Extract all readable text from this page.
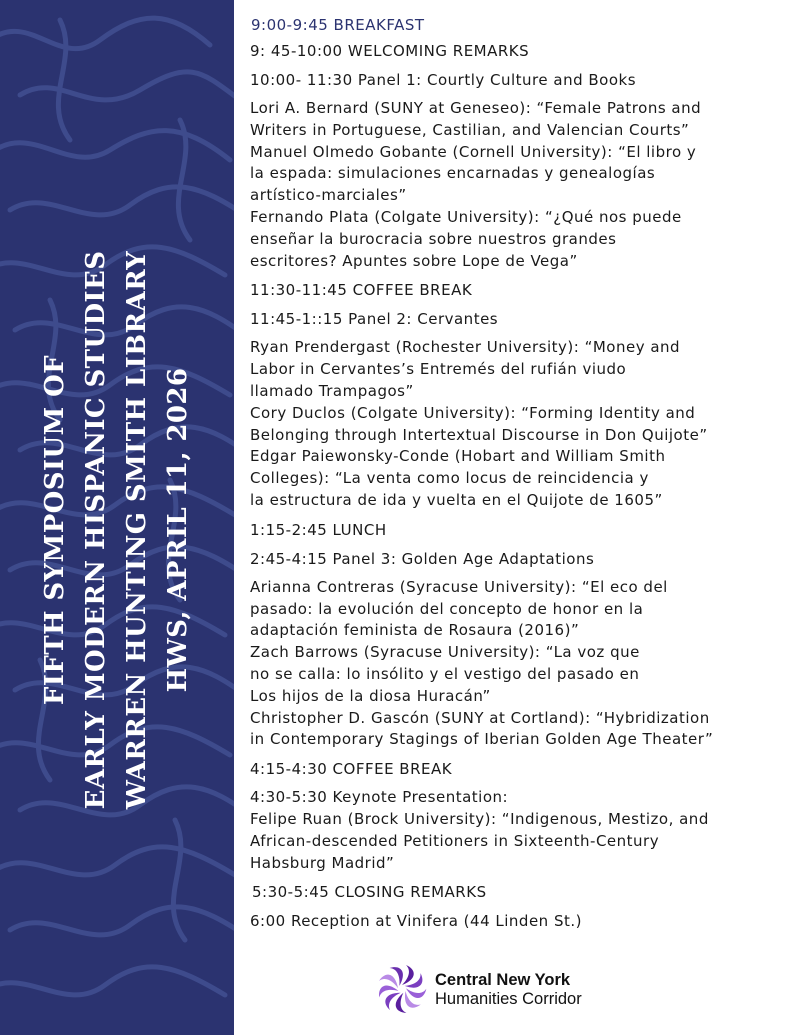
FIFTH SYMPOSIUM OF EARLY MODERN HISPANIC STUDIES WARREN HUNTING SMITH LIBRARY HWS, APRIL 11, 2026
9:00-9:45 BREAKFAST
9: 45-10:00 WELCOMING REMARKS
10:00- 11:30 Panel 1: Courtly Culture and Books
Lori A. Bernard (SUNY at Geneseo): “Female Patrons and
Writers in Portuguese, Castilian, and Valencian Courts”
Manuel Olmedo Gobante (Cornell University): “El libro y
la espada: simulaciones encarnadas y genealogías
artístico-marciales”
Fernando Plata (Colgate University): “¿Qué nos puede
enseñar la burocracia sobre nuestros grandes
escritores? Apuntes sobre Lope de Vega”
11:30-11:45 COFFEE BREAK
11:45-1::15 Panel 2: Cervantes
Ryan Prendergast (Rochester University): “Money and
Labor in Cervantes’s Entremés del rufián viudo
llamado Trampagos”
Cory Duclos (Colgate University): “Forming Identity and
Belonging through Intertextual Discourse in Don Quijote”
Edgar Paiewonsky-Conde (Hobart and William Smith
Colleges): “La venta como locus de reincidencia y
la estructura de ida y vuelta en el Quijote de 1605”
1:15-2:45 LUNCH
2:45-4:15 Panel 3: Golden Age Adaptations
Arianna Contreras (Syracuse University): “El eco del
pasado: la evolución del concepto de honor en la
adaptación feminista de Rosaura (2016)”
Zach Barrows (Syracuse University): “La voz que
no se calla: lo insólito y el vestigo del pasado en
Los hijos de la diosa Huracán”
Christopher D. Gascón (SUNY at Cortland): “Hybridization
in Contemporary Stagings of Iberian Golden Age Theater”
4:15-4:30 COFFEE BREAK
4:30-5:30 Keynote Presentation:
Felipe Ruan (Brock University): “Indigenous, Mestizo, and
African-descended Petitioners in Sixteenth-Century
Habsburg Madrid”
5:30-5:45 CLOSING REMARKS
6:00 Reception at Vinifera (44 Linden St.)
Central New York
Humanities Corridor
